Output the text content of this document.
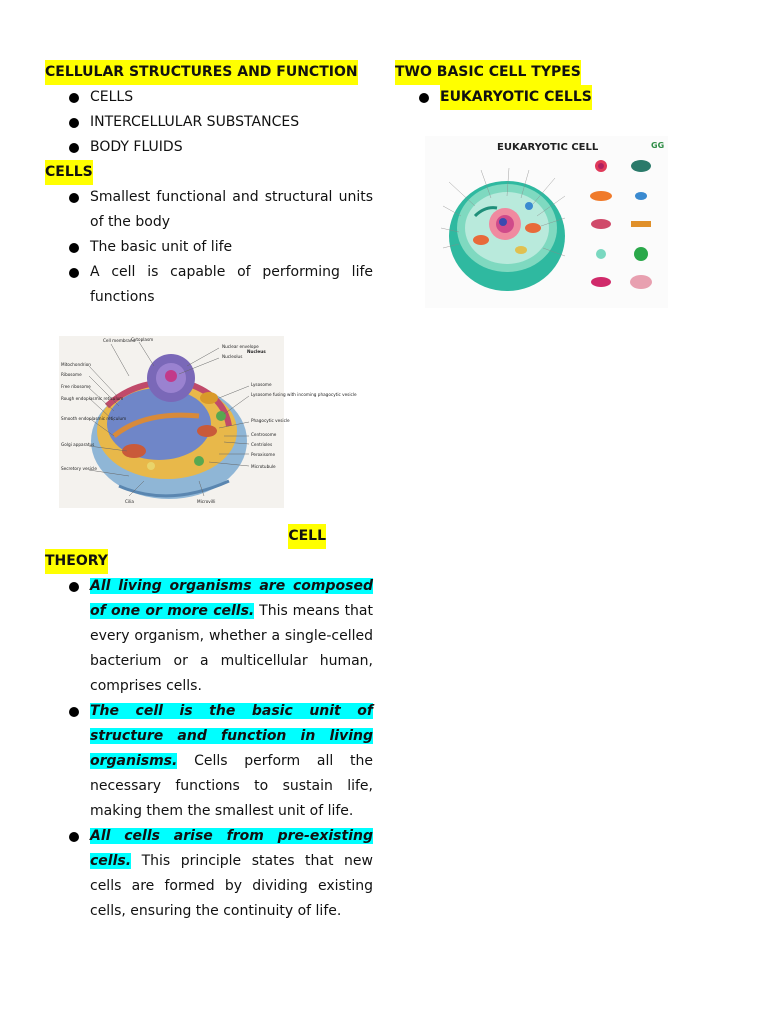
CELLULAR STRUCTURES AND FUNCTION
CELLS
INTERCELLULAR SUBSTANCES
BODY FLUIDS
CELLS
Smallest functional and structural units of the body
The basic unit of life
A cell is capable of performing life functions
Cell membrane
Cytoplasm
Nuclear envelope
Nucleolus
Nucleus
Mitochondrion
Ribosome
Free ribosome
Rough endoplasmic reticulum
Smooth endoplasmic reticulum
Golgi apparatus
Secretory vesicle
Lysosome
Lysosome fusing with incoming phagocytic vesicle
Phagocytic vesicle
Centrosome
Centrioles
Peroxisome
Microtubule
Cilia	Microvilli
CELL
THEORY
All living organisms are composed of one or more cells. This means that every organism, whether a single-celled bacterium or a multicellular human, comprises cells.
The cell is the basic unit of structure and function in living organisms. Cells perform all the necessary functions to sustain life, making them the smallest unit of life.
All cells arise from pre-existing cells. This principle states that new cells are formed by dividing existing cells, ensuring the continuity of life.
TWO BASIC CELL TYPES
EUKARYOTIC CELLS
EUKARYOTIC CELL	GG
